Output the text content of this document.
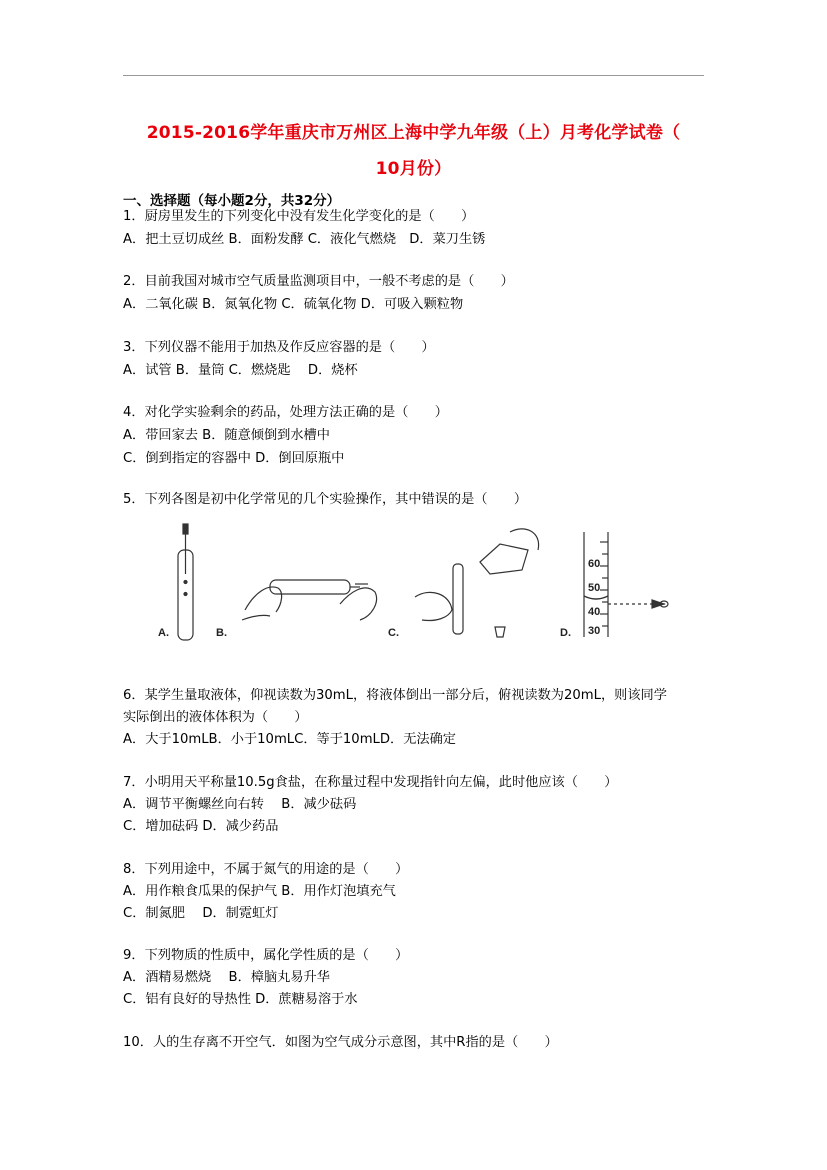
2015-2016学年重庆市万州区上海中学九年级（上）月考化学试卷（
10月份）
一、选择题（每小题2分，共32分）
1．厨房里发生的下列变化中没有发生化学变化的是（　　）
A．把土豆切成丝 B．面粉发酵 C．液化气燃烧　D．菜刀生锈
2．目前我国对城市空气质量监测项目中，一般不考虑的是（　　）
A．二氧化碳 B．氮氧化物 C．硫氧化物 D．可吸入颗粒物
3．下列仪器不能用于加热及作反应容器的是（　　）
A．试管 B．量筒 C．燃烧匙　 D．烧杯
4．对化学实验剩余的药品，处理方法正确的是（　　）
A．带回家去 B．随意倾倒到水槽中
C．倒到指定的容器中 D．倒回原瓶中
5．下列各图是初中化学常见的几个实验操作，其中错误的是（　　）
A.	B.	C.
60
50
40
30
D.
6．某学生量取液体，仰视读数为30mL，将液体倒出一部分后，俯视读数为20mL，则该同学
实际倒出的液体体积为（　　）
A．大于10mLB．小于10mLC．等于10mLD．无法确定
7．小明用天平称量10.5g食盐，在称量过程中发现指针向左偏，此时他应该（　　）
A．调节平衡螺丝向右转　 B．减少砝码
C．增加砝码 D．减少药品
8．下列用途中，不属于氮气的用途的是（　　）
A．用作粮食瓜果的保护气 B．用作灯泡填充气
C．制氮肥　 D．制霓虹灯
9．下列物质的性质中，属化学性质的是（　　）
A．酒精易燃烧　 B．樟脑丸易升华
C．铝有良好的导热性 D．蔗糖易溶于水
10．人的生存离不开空气．如图为空气成分示意图，其中R指的是（　　）
